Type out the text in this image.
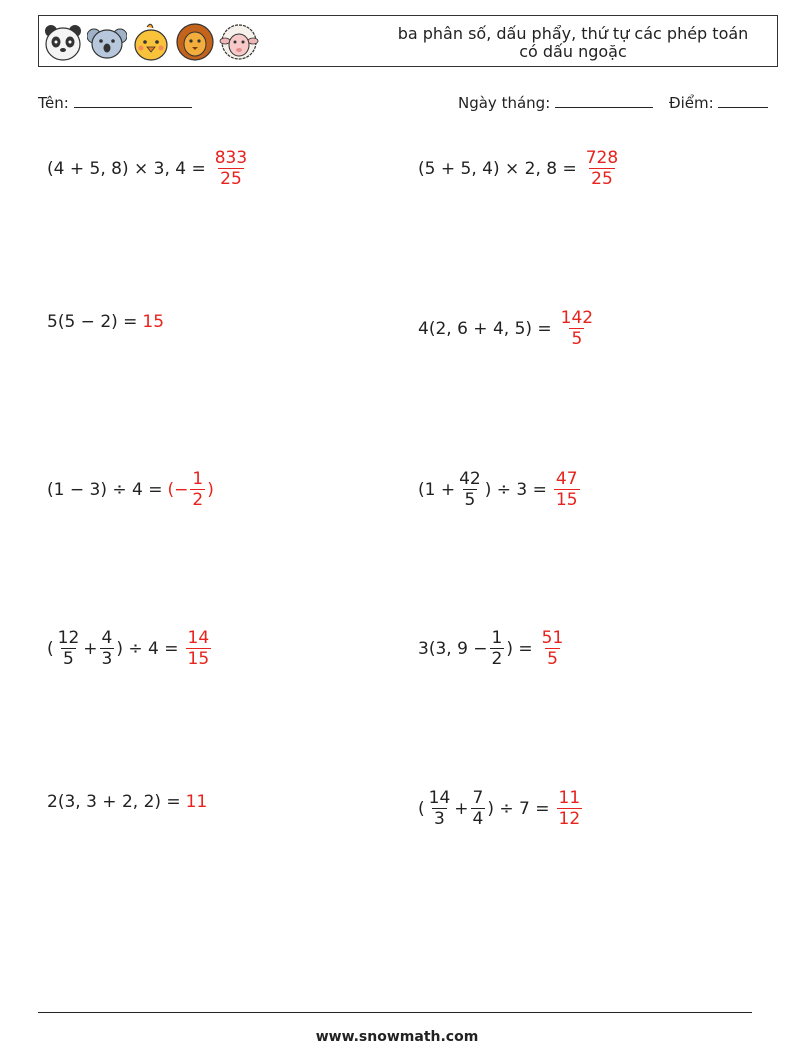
ba phân số, dấu phẩy, thứ tự các phép toán
có dấu ngoặc
Tên:	Ngày tháng:	Điểm:
(4 + 5, 8) × 3, $4 = \frac{833}{25}$	(5 + 5, 4) × 2, $8 = \frac{728}{25}$
5(5 − 2) = 15	4(2, 6 + 4, $5) = \frac{142}{5}$
(1 − 3) ÷ 4 = (− $\frac{1}{2}$ )	($1 + \frac{42}{5}$ ) ÷ $3 = \frac{47}{15}$
( $\frac{12}{5} + \frac{4}{3}$ ) ÷ $4 = \frac{14}{15}$	3(3, $9 - \frac{1}{2}$ ) = $\frac{51}{5}$
2(3, 3 + 2, 2) = 11	( $\frac{14}{3} + \frac{7}{4}$ ) ÷ $7 = \frac{11}{12}$
www.snowmath.com
